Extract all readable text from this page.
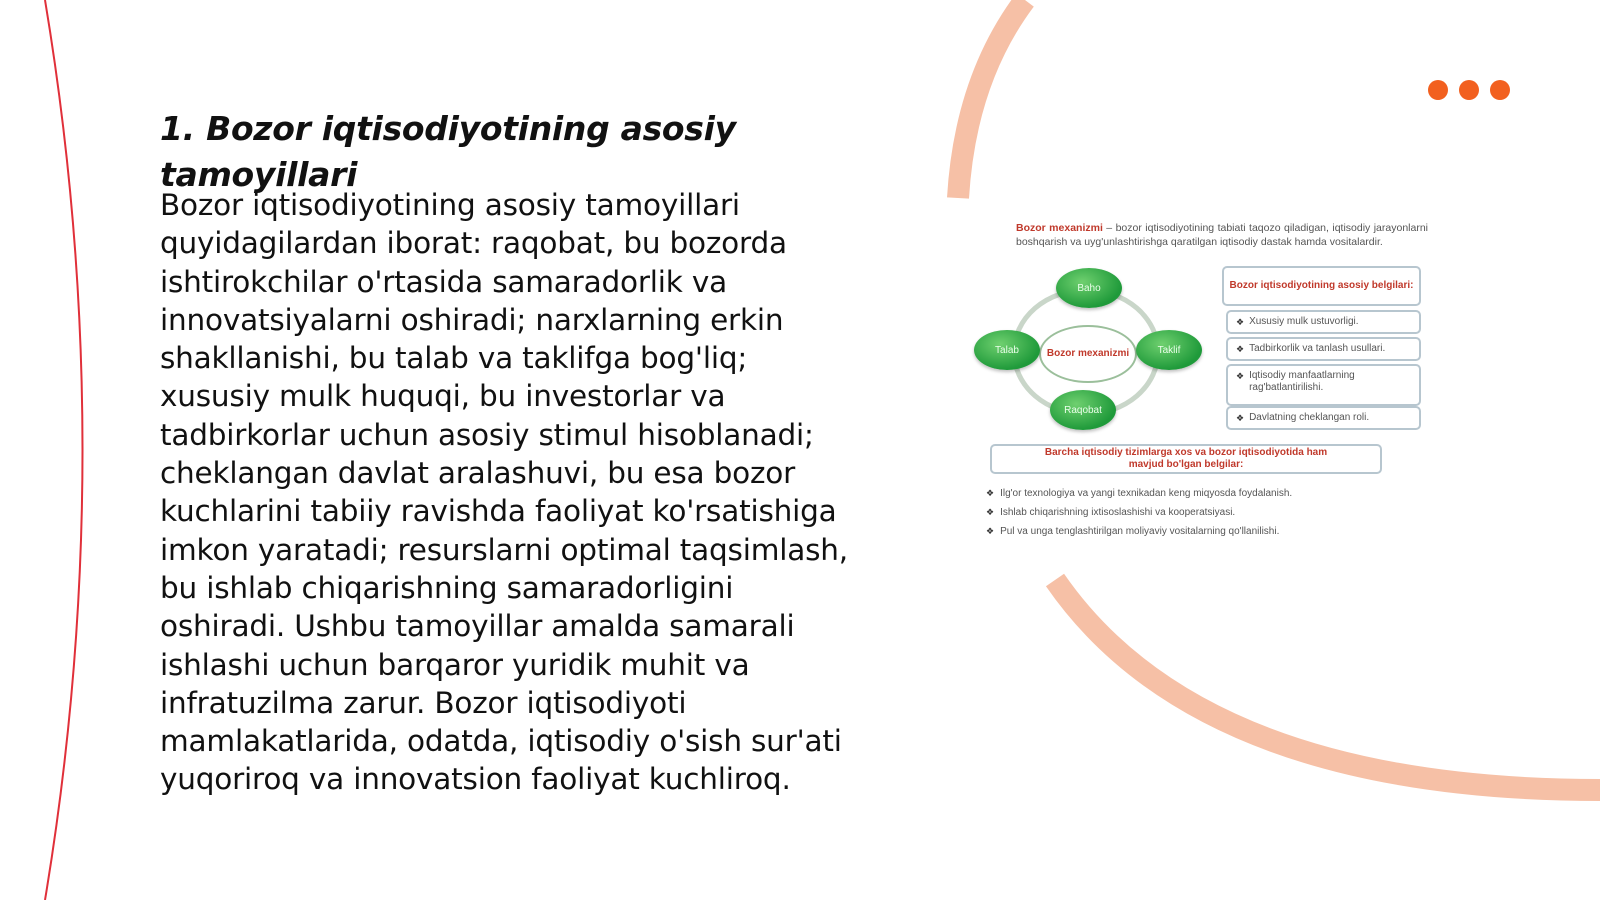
1. Bozor iqtisodiyotining asosiy tamoyillari

Bozor iqtisodiyotining asosiy tamoyillari quyidagilardan iborat: raqobat, bu bozorda ishtirokchilar o'rtasida samaradorlik va innovatsiyalarni oshiradi; narxlarning erkin shakllanishi, bu talab va taklifga bog'liq; xususiy mulk huquqi, bu investorlar va tadbirkorlar uchun asosiy stimul hisoblanadi; cheklangan davlat aralashuvi, bu esa bozor kuchlarini tabiiy ravishda faoliyat ko'rsatishiga imkon yaratadi; resurslarni optimal taqsimlash, bu ishlab chiqarishning samaradorligini oshiradi. Ushbu tamoyillar amalda samarali ishlashi uchun barqaror yuridik muhit va infratuzilma zarur. Bozor iqtisodiyoti mamlakatlarida, odatda, iqtisodiy o'sish sur'ati yuqoriroq va innovatsion faoliyat kuchliroq.

Bozor mexanizmi – bozor iqtisodiyotining tabiati taqozo qiladigan, iqtisodiy jarayonlarni boshqarish va uyg'unlashtirishga qaratilgan iqtisodiy dastak hamda vositalardir.
Bozor mexanizmi
Baho
Talab	Taklif
Raqobat
Bozor iqtisodiyotining asosiy belgilari:
❖ Xususiy mulk ustuvorligi.
❖ Tadbirkorlik va tanlash usullari.
❖ Iqtisodiy manfaatlarning rag'batlantirilishi.
❖ Davlatning cheklangan roli.
Barcha iqtisodiy tizimlarga xos va bozor iqtisodiyotida ham mavjud bo'lgan belgilar:
❖ Ilg'or texnologiya va yangi texnikadan keng miqyosda foydalanish.
❖ Ishlab chiqarishning ixtisoslashishi va kooperatsiyasi.
❖ Pul va unga tenglashtirilgan moliyaviy vositalarning qo'llanilishi.
